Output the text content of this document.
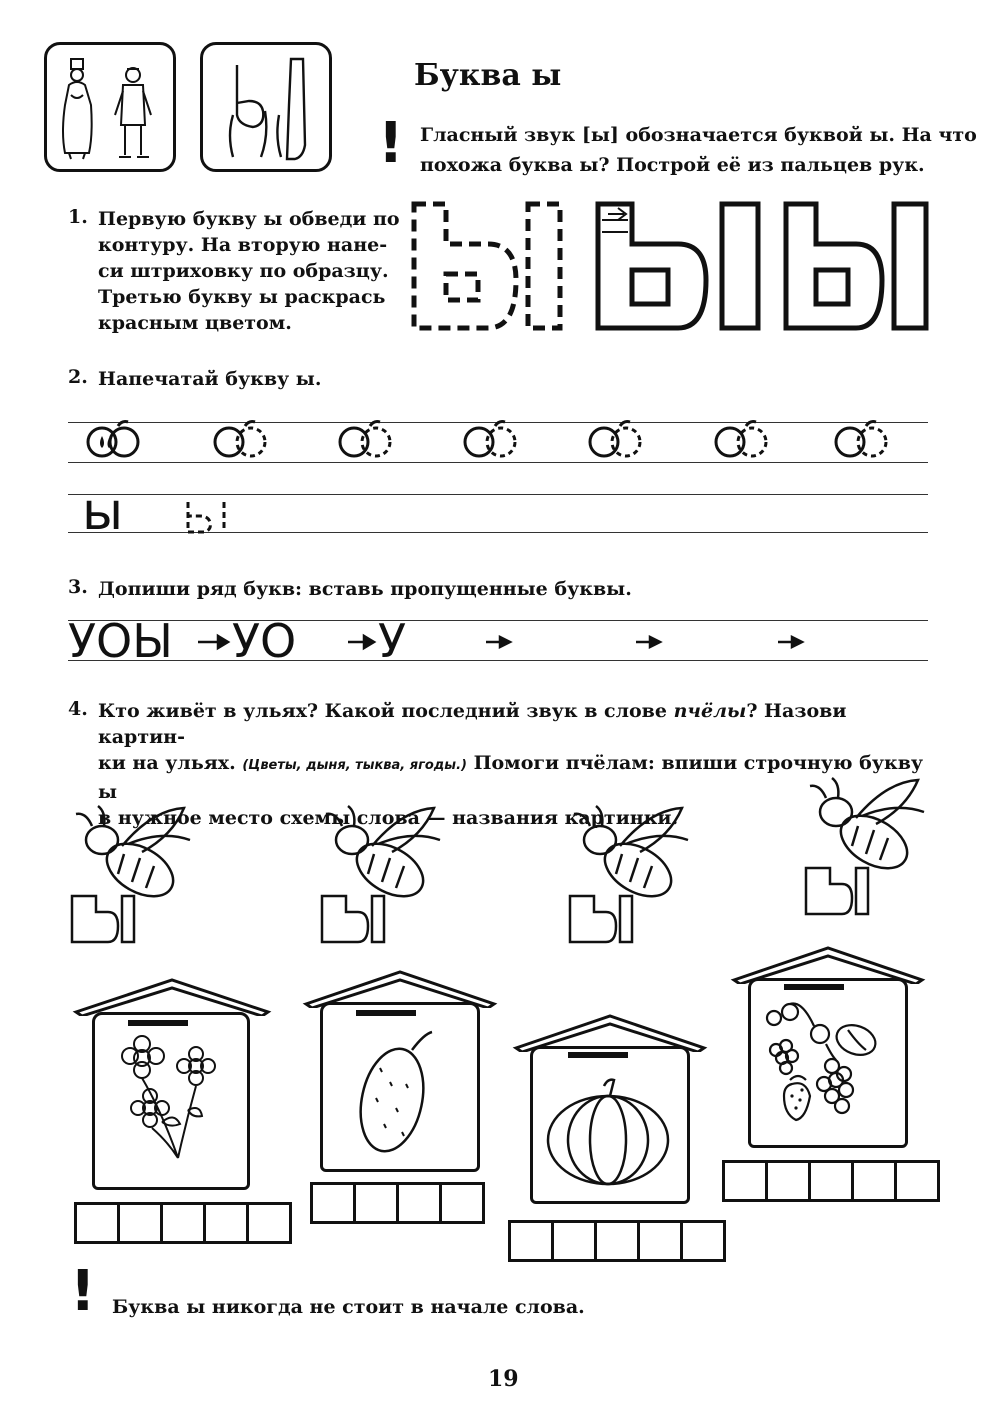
Буква ы
! Гласный звук [ы] обозначается буквой ы. На что
похожа буква ы? Построй её из пальцев рук.
1. Первую букву ы обведи по
контуру. На вторую нане-
си штриховку по образцу.
Третью букву ы раскрась
красным цветом.
2. Напечатай букву ы.
ы
3. Допиши ряд букв: вставь пропущенные буквы.
УОЫ УО У
4. Кто живёт в ульях? Какой последний звук в слове пчёлы? Назови картин-
ки на ульях. (Цветы, дыня, тыква, ягоды.) Помоги пчёлам: впиши строчную букву ы
в нужное место схемы слова — названия картинки.
! Буква ы никогда не стоит в начале слова.
19
